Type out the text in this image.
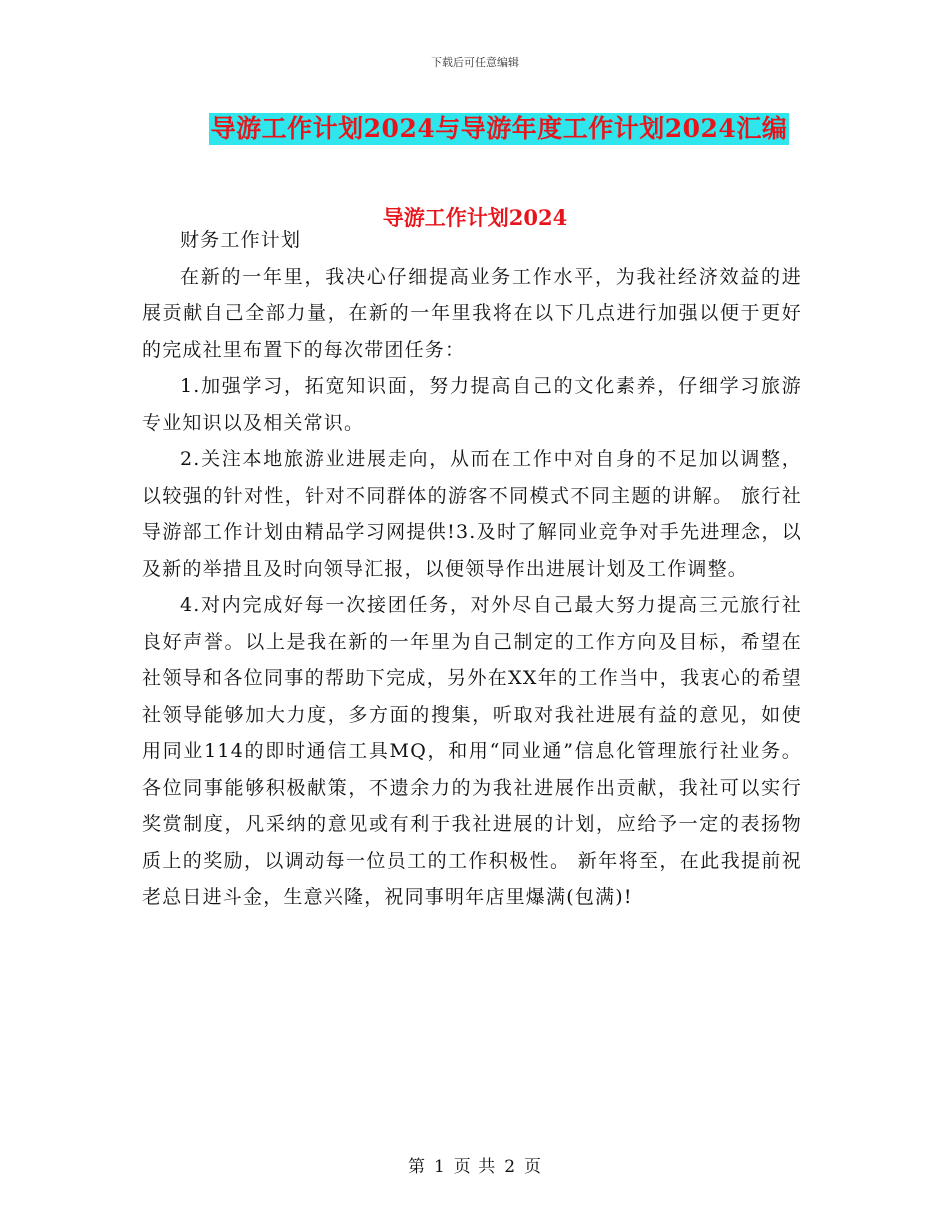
下载后可任意编辑
导游工作计划2024与导游年度工作计划2024汇编
导游工作计划2024

财务工作计划

在新的一年里，我决心仔细提高业务工作水平，为我社经济效益的进展贡献自己全部力量，在新的一年里我将在以下几点进行加强以便于更好的完成社里布置下的每次带团任务：

1.加强学习，拓宽知识面，努力提高自己的文化素养，仔细学习旅游专业知识以及相关常识。

2.关注本地旅游业进展走向，从而在工作中对自身的不足加以调整，以较强的针对性，针对不同群体的游客不同模式不同主题的讲解。 旅行社导游部工作计划由精品学习网提供!3.及时了解同业竞争对手先进理念，以及新的举措且及时向领导汇报，以便领导作出进展计划及工作调整。

4.对内完成好每一次接团任务，对外尽自己最大努力提高三元旅行社良好声誉。以上是我在新的一年里为自己制定的工作方向及目标，希望在社领导和各位同事的帮助下完成，另外在XX年的工作当中，我衷心的希望社领导能够加大力度，多方面的搜集，听取对我社进展有益的意见，如使用同业114的即时通信工具MQ，和用“同业通”信息化管理旅行社业务。各位同事能够积极献策，不遗余力的为我社进展作出贡献，我社可以实行奖赏制度，凡采纳的意见或有利于我社进展的计划，应给予一定的表扬物质上的奖励，以调动每一位员工的工作积极性。 新年将至，在此我提前祝老总日进斗金，生意兴隆，祝同事明年店里爆满(包满)!

第 1 页 共 2 页
